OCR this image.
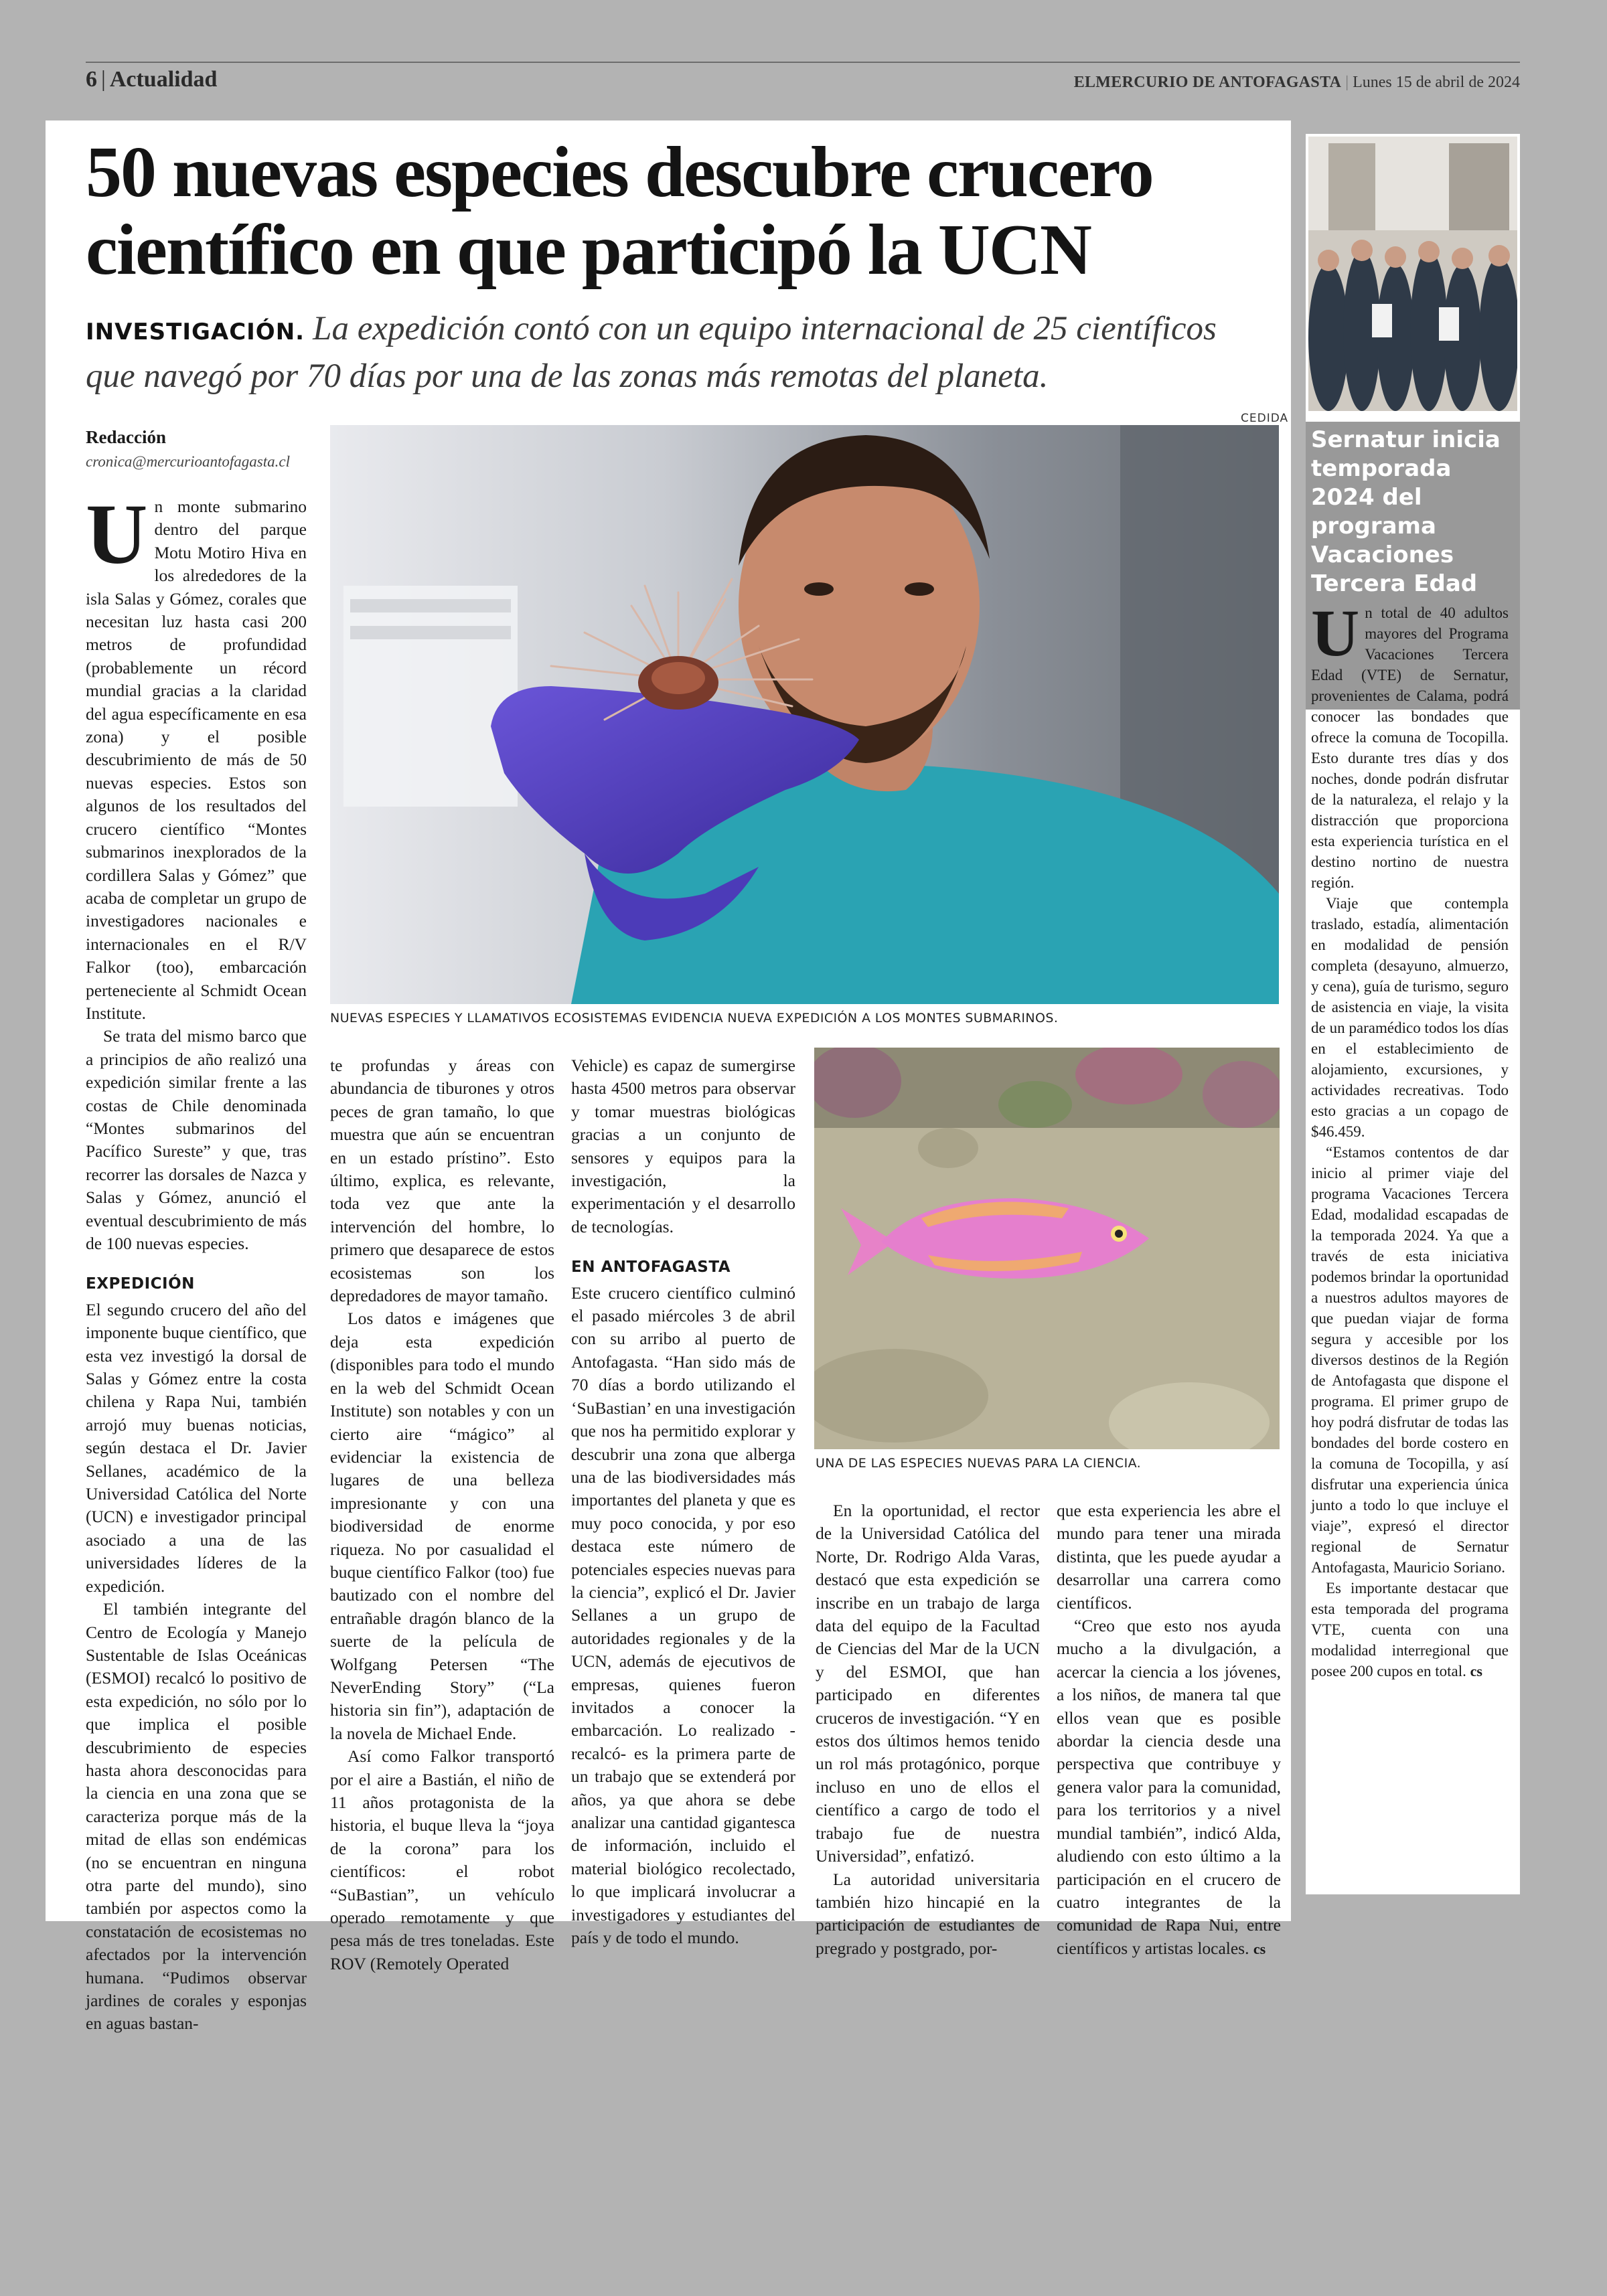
6 | Actualidad	ELMERCURIO DE ANTOFAGASTA | Lunes 15 de abril de 2024
50 nuevas especies descubre crucero científico en que participó la UCN

INVESTIGACIÓN. La expedición contó con un equipo internacional de 25 científicos que navegó por 70 días por una de las zonas más remotas del planeta.

Redacción
cronica@mercurioantofagasta.cl
CEDIDA
NUEVAS ESPECIES Y LLAMATIVOS ECOSISTEMAS EVIDENCIA NUEVA EXPEDICIÓN A LOS MONTES SUBMARINOS.
UNA DE LAS ESPECIES NUEVAS PARA LA CIENCIA.

Un monte submarino dentro del parque Motu Motiro Hiva en los alrededores de la isla Salas y Gómez, corales que necesitan luz hasta casi 200 metros de profundidad (probablemente un récord mundial gracias a la claridad del agua específicamente en esa zona) y el posible descubrimiento de más de 50 nuevas especies. Estos son algunos de los resultados del crucero científico “Montes submarinos inexplorados de la cordillera Salas y Gómez” que acaba de completar un grupo de investigadores nacionales e internacionales en el R/V Falkor (too), embarcación perteneciente al Schmidt Ocean Institute.

Se trata del mismo barco que a principios de año realizó una expedición similar frente a las costas de Chile denominada “Montes submarinos del Pacífico Sureste” y que, tras recorrer las dorsales de Nazca y Salas y Gómez, anunció el eventual descubrimiento de más de 100 nuevas especies.

EXPEDICIÓN

El segundo crucero del año del imponente buque científico, que esta vez investigó la dorsal de Salas y Gómez entre la costa chilena y Rapa Nui, también arrojó muy buenas noticias, según destaca el Dr. Javier Sellanes, académico de la Universidad Católica del Norte (UCN) e investigador principal asociado a una de las universidades líderes de la expedición.

El también integrante del Centro de Ecología y Manejo Sustentable de Islas Oceánicas (ESMOI) recalcó lo positivo de esta expedición, no sólo por lo que implica el posible descubrimiento de especies hasta ahora desconocidas para la ciencia en una zona que se caracteriza porque más de la mitad de ellas son endémicas (no se encuentran en ninguna otra parte del mundo), sino también por aspectos como la constatación de ecosistemas no afectados por la intervención humana. “Pudimos observar jardines de corales y esponjas en aguas bastan-

te profundas y áreas con abundancia de tiburones y otros peces de gran tamaño, lo que muestra que aún se encuentran en un estado prístino”. Esto último, explica, es relevante, toda vez que ante la intervención del hombre, lo primero que desaparece de estos ecosistemas son los depredadores de mayor tamaño.

Los datos e imágenes que deja esta expedición (disponibles para todo el mundo en la web del Schmidt Ocean Institute) son notables y con un cierto aire “mágico” al evidenciar la existencia de lugares de una belleza impresionante y con una biodiversidad de enorme riqueza. No por casualidad el buque científico Falkor (too) fue bautizado con el nombre del entrañable dragón blanco de la suerte de la película de Wolfgang Petersen “The NeverEnding Story” (“La historia sin fin”), adaptación de la novela de Michael Ende.

Así como Falkor transportó por el aire a Bastián, el niño de 11 años protagonista de la historia, el buque lleva la “joya de la corona” para los científicos: el robot “SuBastian”, un vehículo operado remotamente y que pesa más de tres toneladas. Este ROV (Remotely Operated

Vehicle) es capaz de sumergirse hasta 4500 metros para observar y tomar muestras biológicas gracias a un conjunto de sensores y equipos para la investigación, la experimentación y el desarrollo de tecnologías.

EN ANTOFAGASTA

Este crucero científico culminó el pasado miércoles 3 de abril con su arribo al puerto de Antofagasta. “Han sido más de 70 días a bordo utilizando el ‘SuBastian’ en una investigación que nos ha permitido explorar y descubrir una zona que alberga una de las biodiversidades más importantes del planeta y que es muy poco conocida, y por eso destaca este número de potenciales especies nuevas para la ciencia”, explicó el Dr. Javier Sellanes a un grupo de autoridades regionales y de la UCN, además de ejecutivos de empresas, quienes fueron invitados a conocer la embarcación. Lo realizado -recalcó- es la primera parte de un trabajo que se extenderá por años, ya que ahora se debe analizar una cantidad gigantesca de información, incluido el material biológico recolectado, lo que implicará involucrar a investigadores y estudiantes del país y de todo el mundo.

En la oportunidad, el rector de la Universidad Católica del Norte, Dr. Rodrigo Alda Varas, destacó que esta expedición se inscribe en un trabajo de larga data del equipo de la Facultad de Ciencias del Mar de la UCN y del ESMOI, que han participado en diferentes cruceros de investigación. “Y en estos dos últimos hemos tenido un rol más protagónico, porque incluso en uno de ellos el científico a cargo de todo el trabajo fue de nuestra Universidad”, enfatizó.

La autoridad universitaria también hizo hincapié en la participación de estudiantes de pregrado y postgrado, por-

que esta experiencia les abre el mundo para tener una mirada distinta, que les puede ayudar a desarrollar una carrera como científicos.

“Creo que esto nos ayuda mucho a la divulgación, a acercar la ciencia a los jóvenes, a los niños, de manera tal que ellos vean que es posible abordar la ciencia desde una perspectiva que contribuye y genera valor para la comunidad, para los territorios y a nivel mundial también”, indicó Alda, aludiendo con esto último a la participación en el crucero de cuatro integrantes de la comunidad de Rapa Nui, entre científicos y artistas locales. cs

Sernatur inicia temporada 2024 del programa Vacaciones Tercera Edad

Un total de 40 adultos mayores del Programa Vacaciones Tercera Edad (VTE) de Sernatur, provenientes de Calama, podrá conocer las bondades que ofrece la comuna de Tocopilla. Esto durante tres días y dos noches, donde podrán disfrutar de la naturaleza, el relajo y la distracción que proporciona esta experiencia turística en el destino nortino de nuestra región.

Viaje que contempla traslado, estadía, alimentación en modalidad de pensión completa (desayuno, almuerzo, y cena), guía de turismo, seguro de asistencia en viaje, la visita de un paramédico todos los días en el establecimiento de alojamiento, excursiones, y actividades recreativas. Todo esto gracias a un copago de $46.459.

“Estamos contentos de dar inicio al primer viaje del programa Vacaciones Tercera Edad, modalidad escapadas de la temporada 2024. Ya que a través de esta iniciativa podemos brindar la oportunidad a nuestros adultos mayores de que puedan viajar de forma segura y accesible por los diversos destinos de la Región de Antofagasta que dispone el programa. El primer grupo de hoy podrá disfrutar de todas las bondades del borde costero en la comuna de Tocopilla, y así disfrutar una experiencia única junto a todo lo que incluye el viaje”, expresó el director regional de Sernatur Antofagasta, Mauricio Soriano.

Es importante destacar que esta temporada del programa VTE, cuenta con una modalidad interregional que posee 200 cupos en total. cs
